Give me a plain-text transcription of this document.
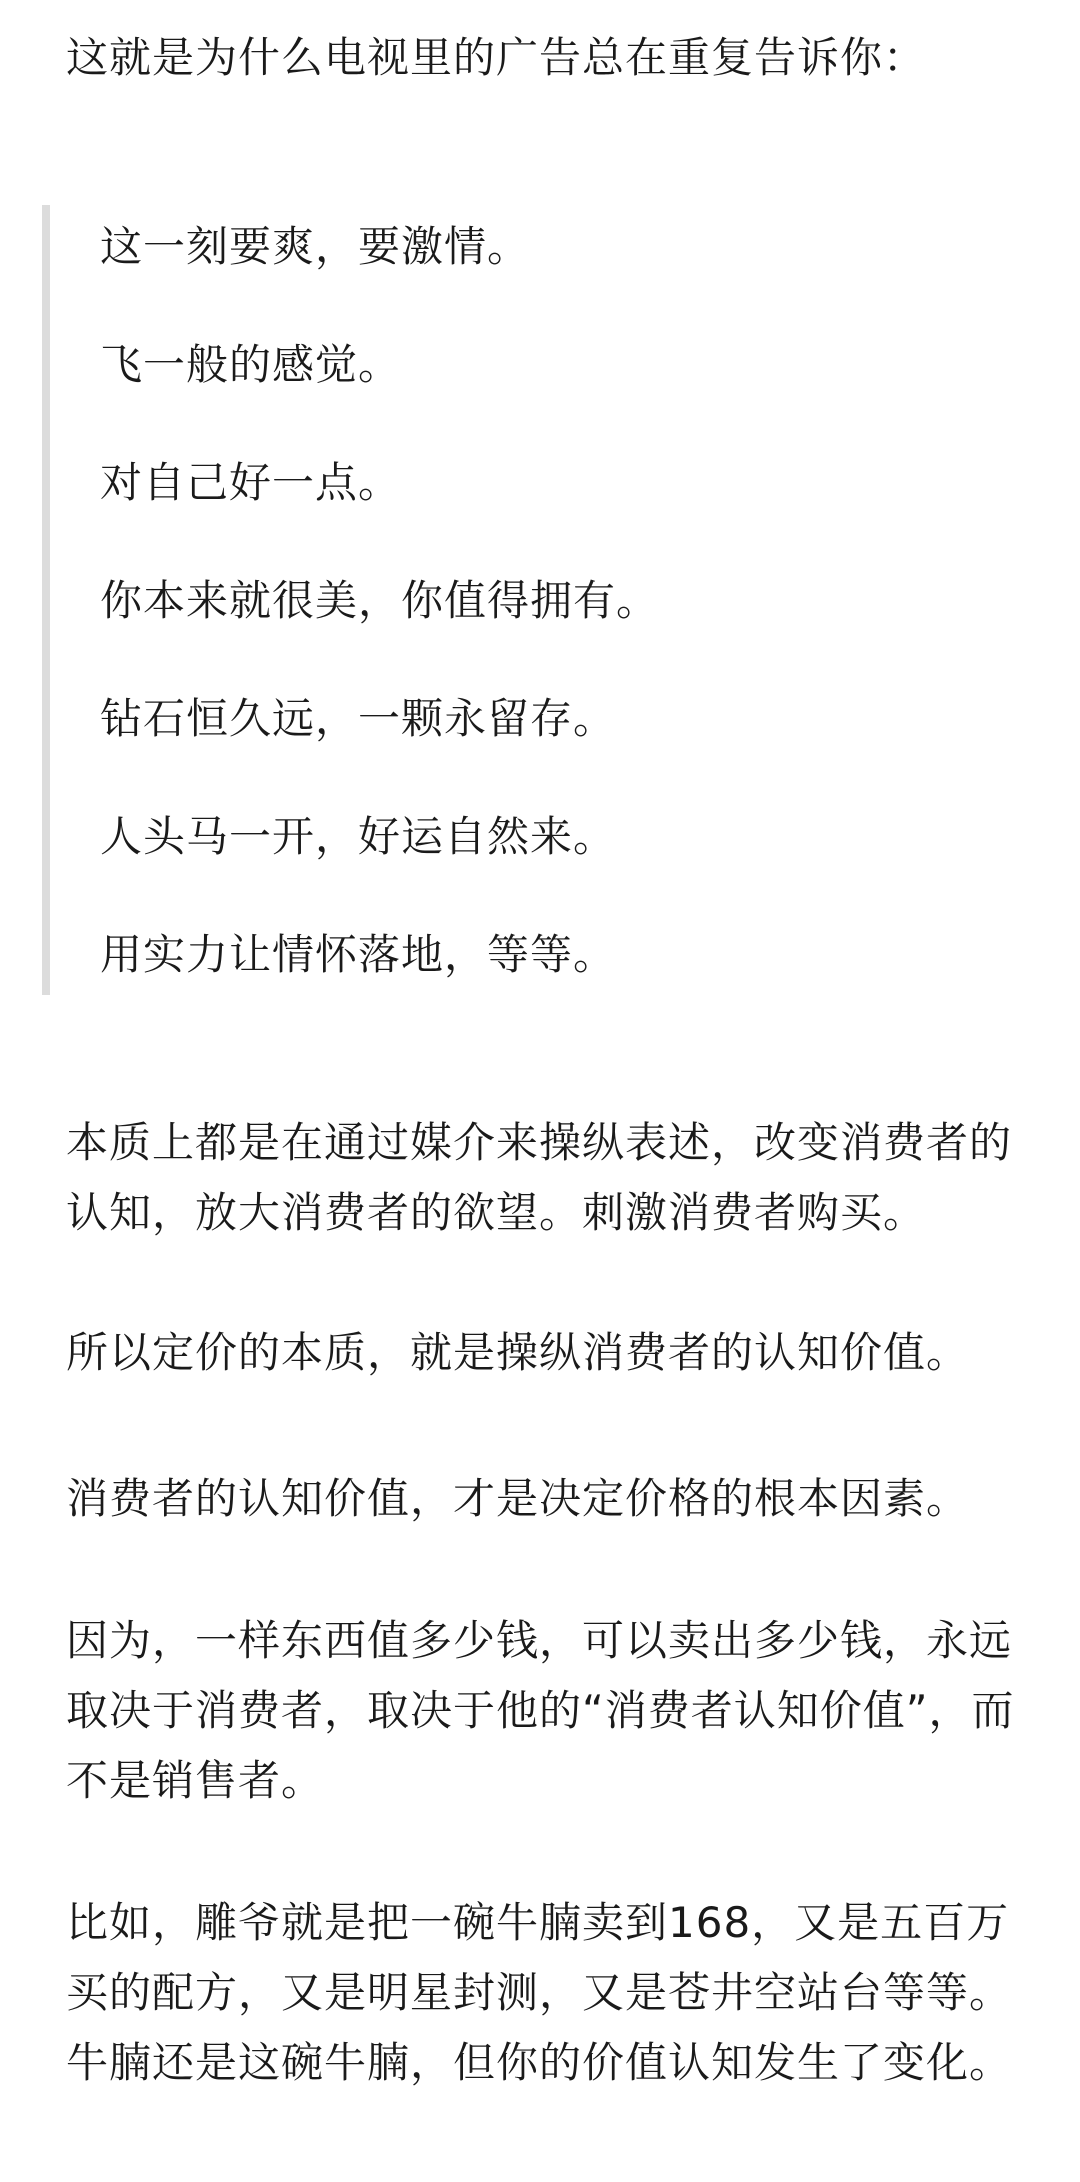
这就是为什么电视里的广告总在重复告诉你：

这一刻要爽，要激情。

飞一般的感觉。

对自己好一点。

你本来就很美，你值得拥有。

钻石恒久远，一颗永留存。

人头马一开，好运自然来。

用实力让情怀落地，等等。

本质上都是在通过媒介来操纵表述，改变消费者的认知，放大消费者的欲望。刺激消费者购买。

所以定价的本质，就是操纵消费者的认知价值。

消费者的认知价值，才是决定价格的根本因素。

因为，一样东西值多少钱，可以卖出多少钱，永远取决于消费者，取决于他的“消费者认知价值”，而不是销售者。

比如，雕爷就是把一碗牛腩卖到168，又是五百万买的配方，又是明星封测，又是苍井空站台等等。牛腩还是这碗牛腩，但你的价值认知发生了变化。
